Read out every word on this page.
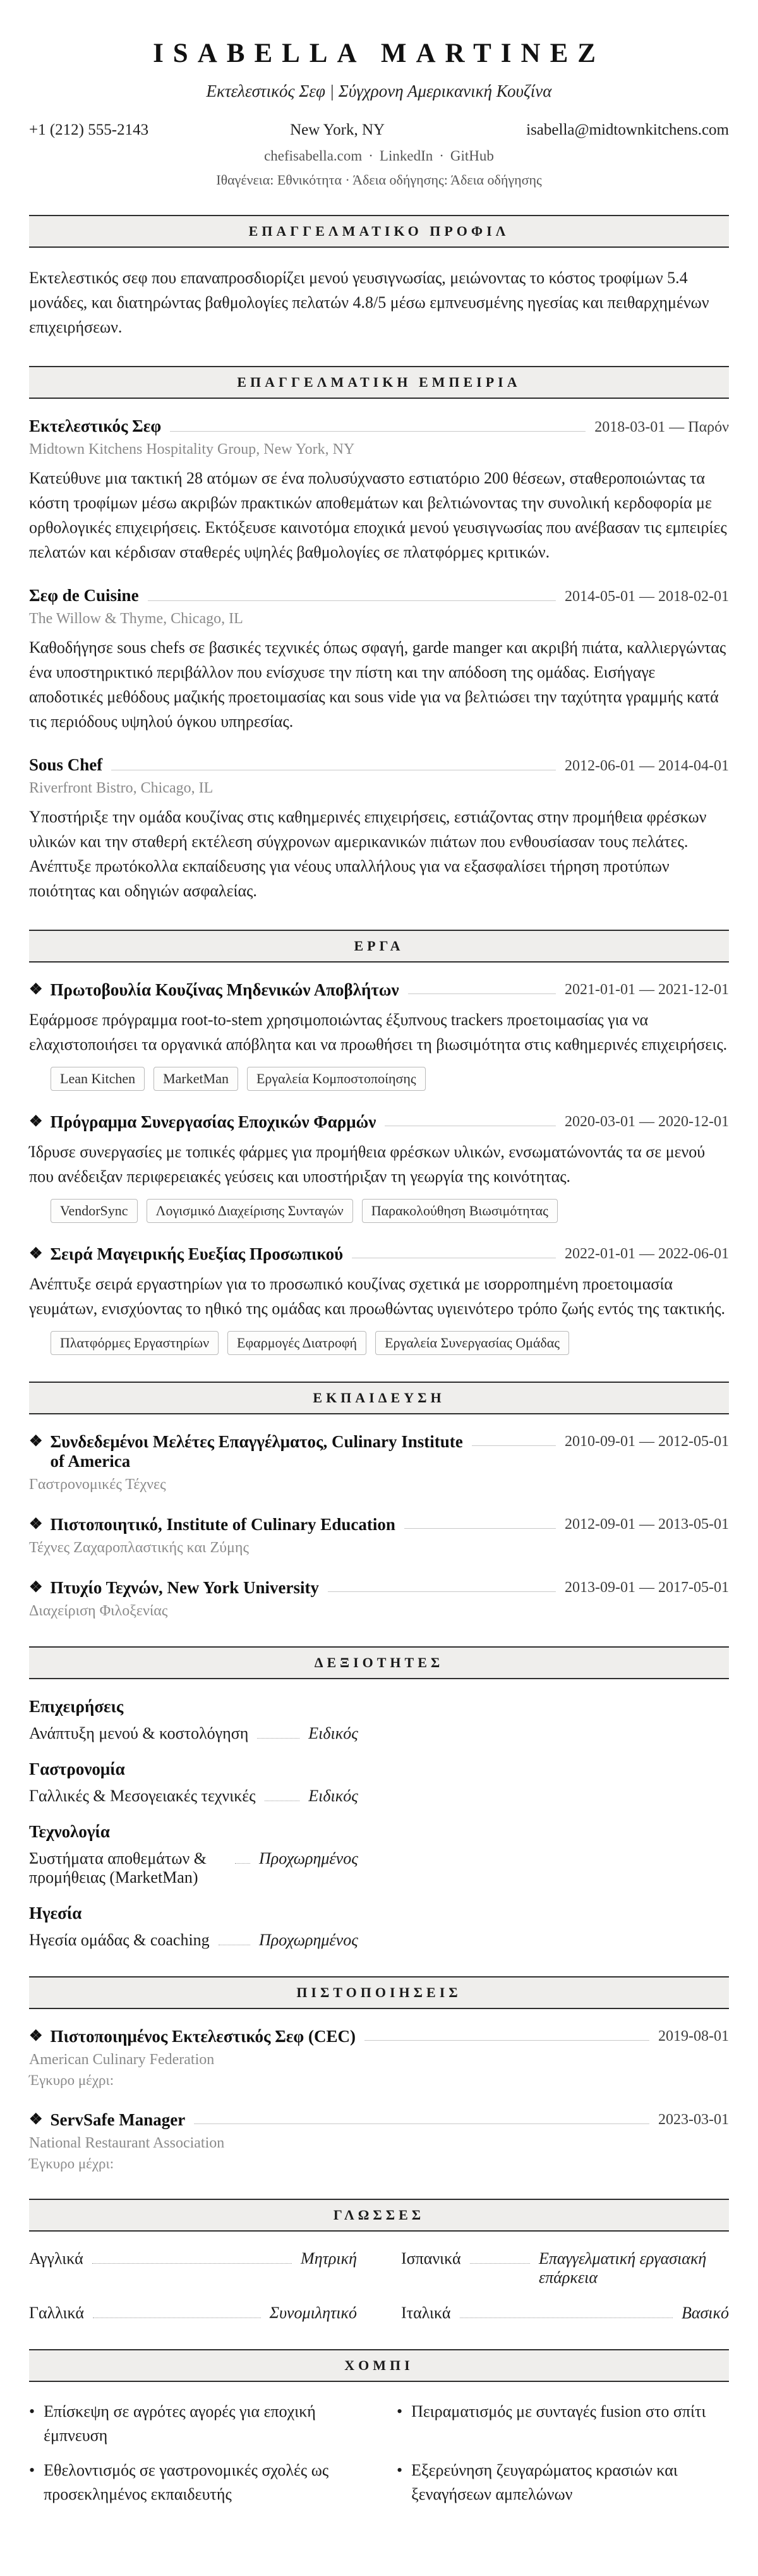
ISABELLA MARTINEZ
Εκτελεστικός Σεφ | Σύγχρονη Αμερικανική Κουζίνα
+1 (212) 555-2143	New York, NY	isabella@midtownkitchens.com
chefisabella.com · LinkedIn · GitHub
Ιθαγένεια: Εθνικότητα · Άδεια οδήγησης: Άδεια οδήγησης
ΕΠΑΓΓΕΛΜΑΤΙΚΟ ΠΡΟΦΙΛ

Εκτελεστικός σεφ που επαναπροσδιορίζει μενού γευσιγνωσίας, μειώνοντας το κόστος τροφίμων 5.4 μονάδες, και διατηρώντας βαθμολογίες πελατών 4.8/5 μέσω εμπνευσμένης ηγεσίας και πειθαρχημένων επιχειρήσεων.

ΕΠΑΓΓΕΛΜΑΤΙΚΗ ΕΜΠΕΙΡΙΑ
Εκτελεστικός Σεφ	2018-03-01 — Παρόν
Midtown Kitchens Hospitality Group, New York, NY

Κατεύθυνε μια τακτική 28 ατόμων σε ένα πολυσύχναστο εστιατόριο 200 θέσεων, σταθεροποιώντας τα κόστη τροφίμων μέσω ακριβών πρακτικών αποθεμάτων και βελτιώνοντας την συνολική κερδοφορία με ορθολογικές επιχειρήσεις. Εκτόξευσε καινοτόμα εποχικά μενού γευσιγνωσίας που ανέβασαν τις εμπειρίες πελατών και κέρδισαν σταθερές υψηλές βαθμολογίες σε πλατφόρμες κριτικών.

Σεφ de Cuisine	2014-05-01 — 2018-02-01
The Willow & Thyme, Chicago, IL

Καθοδήγησε sous chefs σε βασικές τεχνικές όπως σφαγή, garde manger και ακριβή πιάτα, καλλιεργώντας ένα υποστηρικτικό περιβάλλον που ενίσχυσε την πίστη και την απόδοση της ομάδας. Εισήγαγε αποδοτικές μεθόδους μαζικής προετοιμασίας και sous vide για να βελτιώσει την ταχύτητα γραμμής κατά τις περιόδους υψηλού όγκου υπηρεσίας.

Sous Chef	2012-06-01 — 2014-04-01
Riverfront Bistro, Chicago, IL

Υποστήριξε την ομάδα κουζίνας στις καθημερινές επιχειρήσεις, εστιάζοντας στην προμήθεια φρέσκων υλικών και την σταθερή εκτέλεση σύγχρονων αμερικανικών πιάτων που ενθουσίασαν τους πελάτες. Ανέπτυξε πρωτόκολλα εκπαίδευσης για νέους υπαλλήλους για να εξασφαλίσει τήρηση προτύπων ποιότητας και οδηγιών ασφαλείας.

ΕΡΓΑ
❖ Πρωτοβουλία Κουζίνας Μηδενικών Αποβλήτων	2021-01-01 — 2021-12-01

Εφάρμοσε πρόγραμμα root-to-stem χρησιμοποιώντας έξυπνους trackers προετοιμασίας για να ελαχιστοποιήσει τα οργανικά απόβλητα και να προωθήσει τη βιωσιμότητα στις καθημερινές επιχειρήσεις.

Lean Kitchen	MarketMan	Εργαλεία Κομποστοποίησης
❖ Πρόγραμμα Συνεργασίας Εποχικών Φαρμών	2020-03-01 — 2020-12-01

Ίδρυσε συνεργασίες με τοπικές φάρμες για προμήθεια φρέσκων υλικών, ενσωματώνοντάς τα σε μενού που ανέδειξαν περιφερειακές γεύσεις και υποστήριξαν τη γεωργία της κοινότητας.

VendorSync	Λογισμικό Διαχείρισης Συνταγών	Παρακολούθηση Βιωσιμότητας
❖ Σειρά Μαγειρικής Ευεξίας Προσωπικού	2022-01-01 — 2022-06-01

Ανέπτυξε σειρά εργαστηρίων για το προσωπικό κουζίνας σχετικά με ισορροπημένη προετοιμασία γευμάτων, ενισχύοντας το ηθικό της ομάδας και προωθώντας υγιεινότερο τρόπο ζωής εντός της τακτικής.

Πλατφόρμες Εργαστηρίων	Εφαρμογές Διατροφή	Εργαλεία Συνεργασίας Ομάδας
ΕΚΠΑΙΔΕΥΣΗ
❖ Συνδεδεμένοι Μελέτες Επαγγέλματος, Culinary Institute of America
2010-09-01 — 2012-05-01
Γαστρονομικές Τέχνες
❖ Πιστοποιητικό, Institute of Culinary Education	2012-09-01 — 2013-05-01
Τέχνες Ζαχαροπλαστικής και Ζύμης
❖ Πτυχίο Τεχνών, New York University	2013-09-01 — 2017-05-01
Διαχείριση Φιλοξενίας
ΔΕΞΙΟΤΗΤΕΣ
Επιχειρήσεις
Ανάπτυξη μενού & κοστολόγηση	Ειδικός
Γαστρονομία
Γαλλικές & Μεσογειακές τεχνικές	Ειδικός
Τεχνολογία
Συστήματα αποθεμάτων & προμήθειας (MarketMan)
Προχωρημένος
Ηγεσία
Ηγεσία ομάδας & coaching	Προχωρημένος
ΠΙΣΤΟΠΟΙΗΣΕΙΣ
❖ Πιστοποιημένος Εκτελεστικός Σεφ (CEC)	2019-08-01
American Culinary Federation
Έγκυρο μέχρι:
❖ ServSafe Manager	2023-03-01
National Restaurant Association
Έγκυρο μέχρι:
ΓΛΩΣΣΕΣ
Αγγλικά	Μητρική	Ισπανικά	Επαγγελματική εργασιακή επάρκεια
Γαλλικά	Συνομιλητικό	Ιταλικά	Βασικό
ΧΟΜΠΙ
• Επίσκεψη σε αγρότες αγορές για εποχική έμπνευση
• Εθελοντισμός σε γαστρονομικές σχολές ως προσεκλημένος εκπαιδευτής
• Πειραματισμός με συνταγές fusion στο σπίτι
• Εξερεύνηση ζευγαρώματος κρασιών και ξεναγήσεων αμπελώνων
